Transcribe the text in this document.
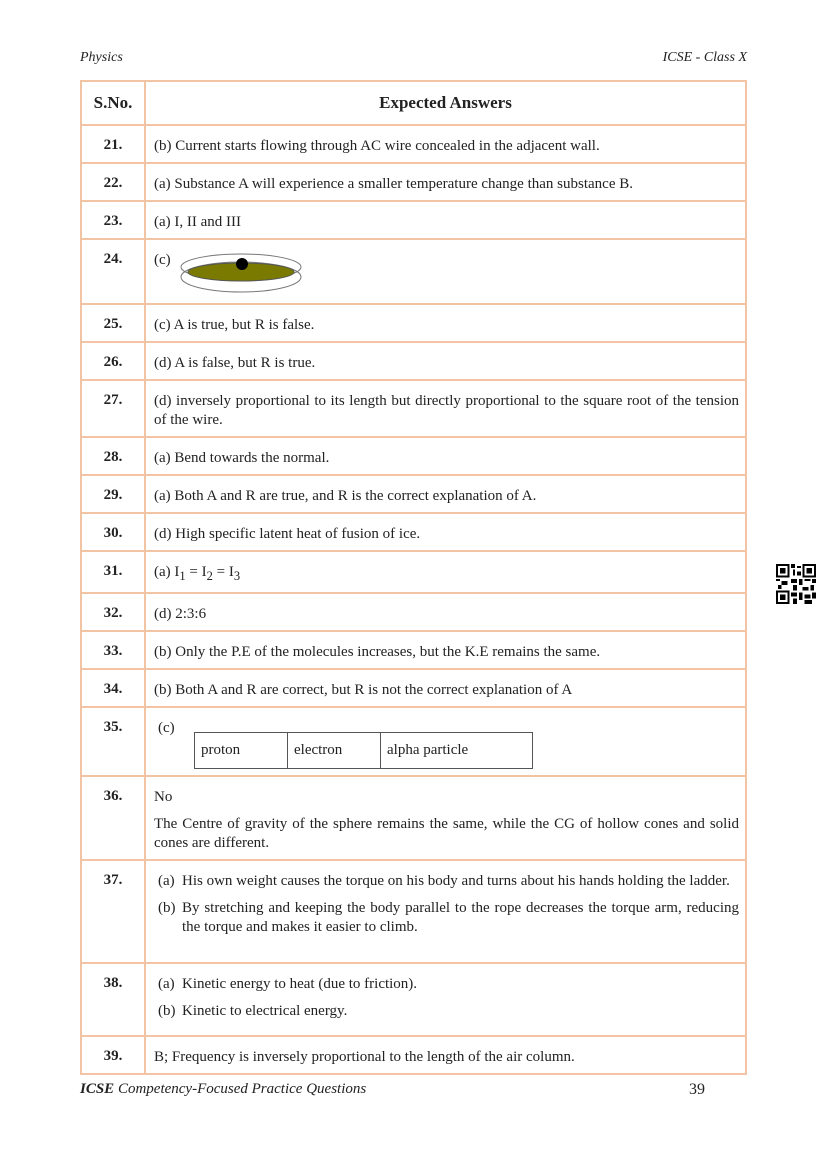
Physics	ICSE - Class X
S.No.	Expected Answers
21.	(b) Current starts flowing through AC wire concealed in the adjacent wall.
22.	(a) Substance A will experience a smaller temperature change than substance B.
23.	(a) I, II and III
24.	(c)
25.	(c) A is true, but R is false.
26.	(d) A is false, but R is true.
27.	(d) inversely proportional to its length but directly proportional to the square root of the tension of the wire.
28.	(a) Bend towards the normal.
29.	(a) Both A and R are true, and R is the correct explanation of A.
30.	(d) High specific latent heat of fusion of ice.
31.	(a) $I_1 = I_2 = I_3$
32.	(d) 2:3:6
33.	(b) Only the P.E of the molecules increases, but the K.E remains the same.
34.	(b) Both A and R are correct, but R is not the correct explanation of A
35.	(c)
proton	electron	alpha particle

36.	No
The Centre of gravity of the sphere remains the same, while the CG of hollow cones and solid cones are different.

37.	(a) His own weight causes the torque on his body and turns about his hands holding the ladder.
(b) By stretching and keeping the body parallel to the rope decreases the torque arm, reducing the torque and makes it easier to climb.

38.	(a) Kinetic energy to heat (due to friction).
(b) Kinetic to electrical energy.

39.	B; Frequency is inversely proportional to the length of the air column.
ICSE Competency-Focused Practice Questions	39
